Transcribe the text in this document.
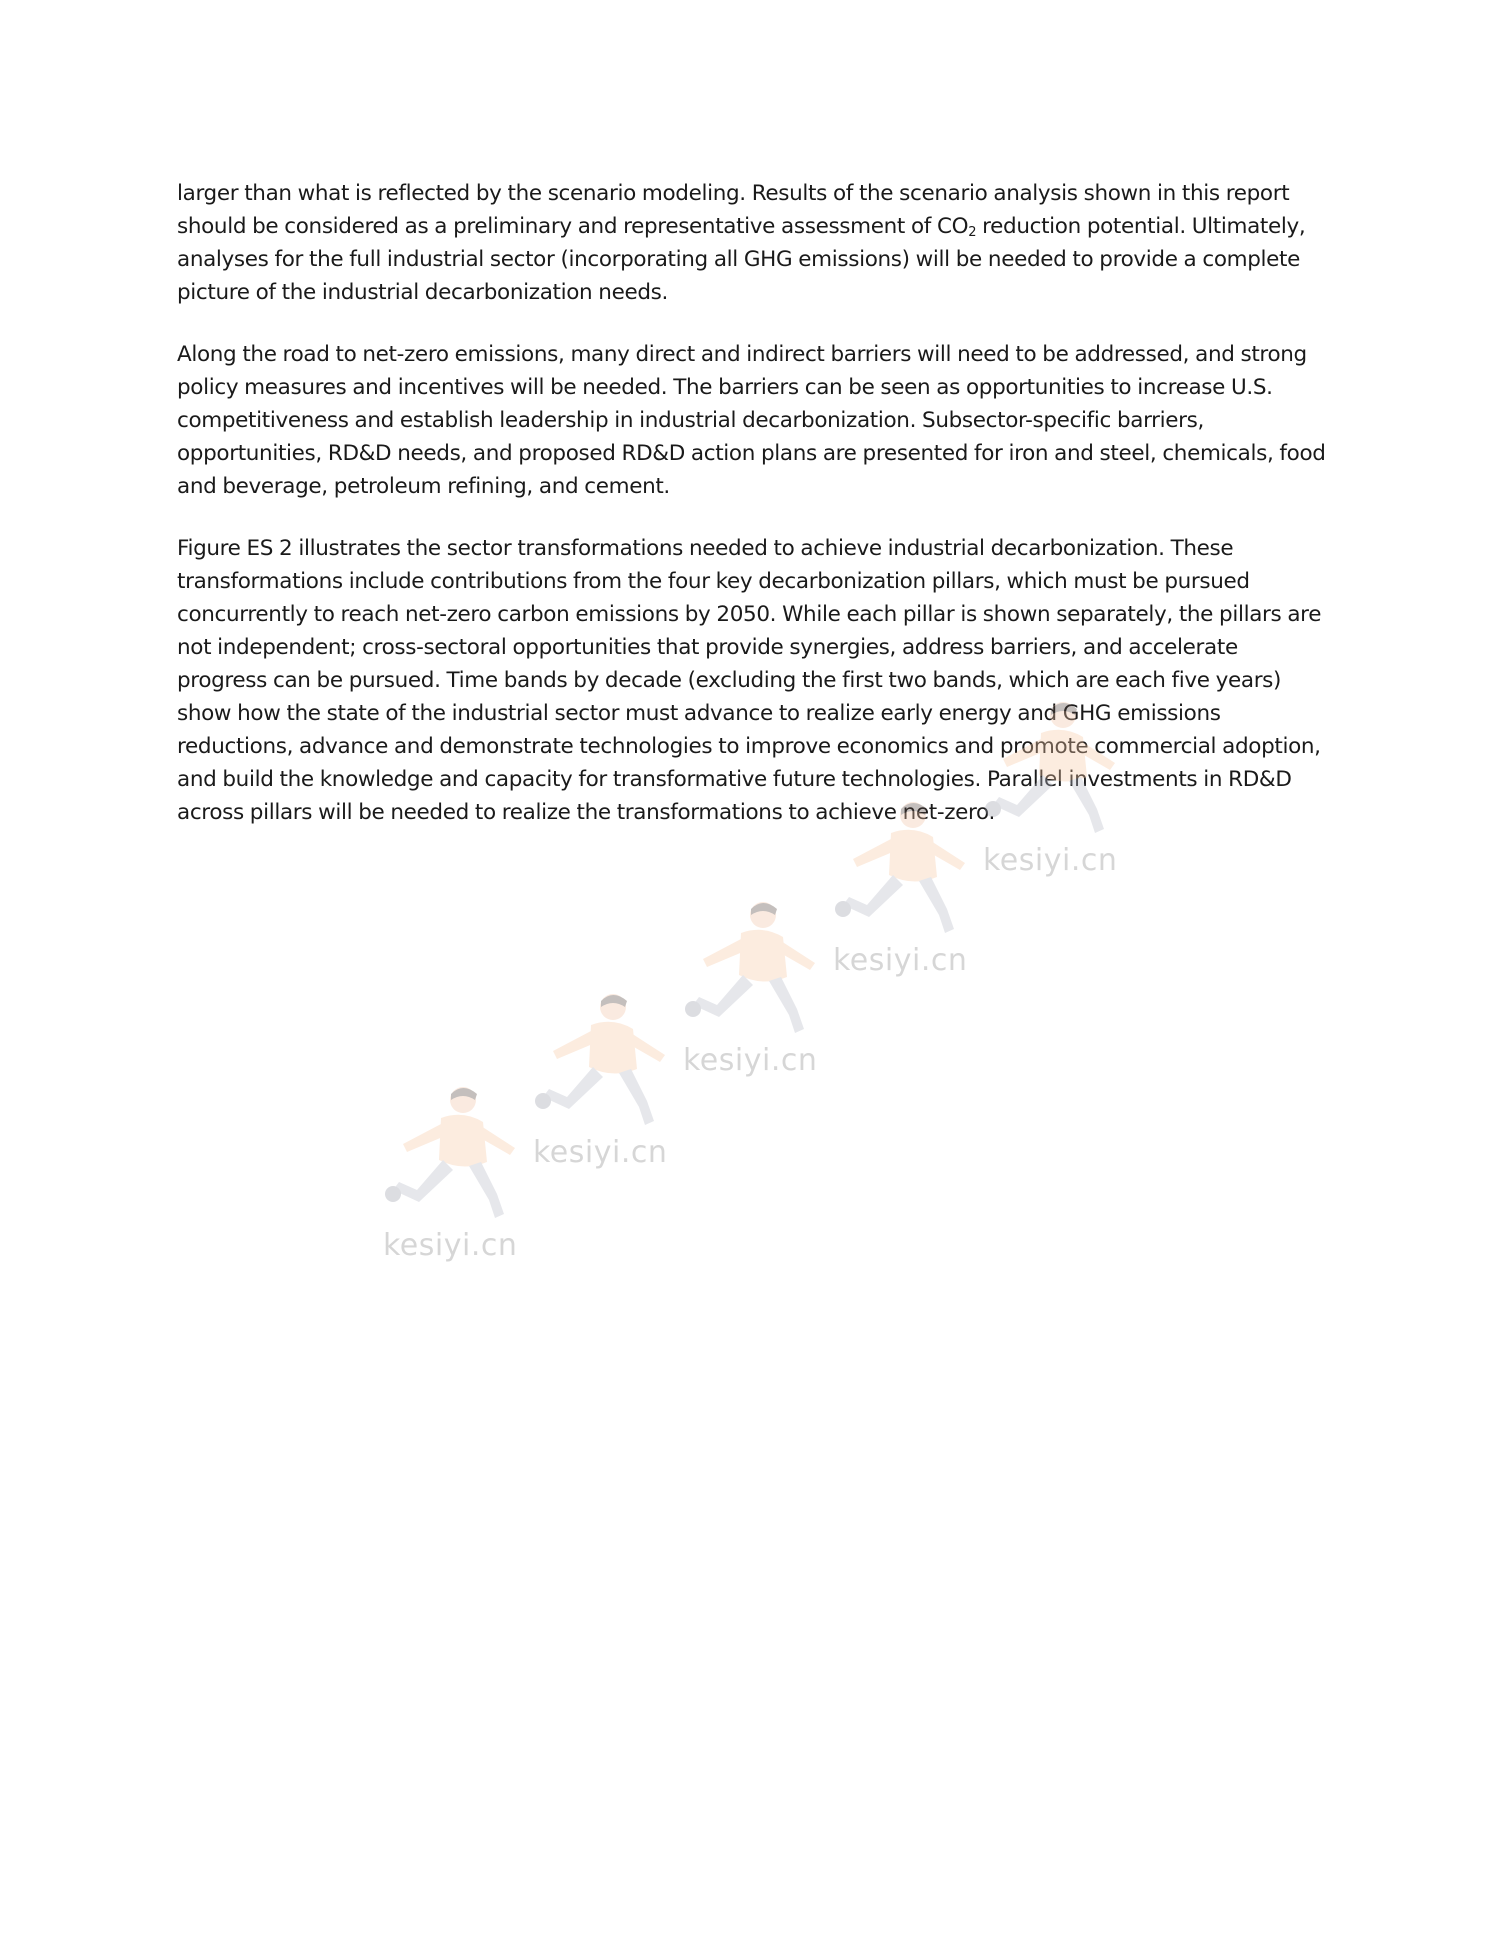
larger than what is reflected by the scenario modeling. Results of the scenario analysis shown in this report should be considered as a preliminary and representative assessment of $CO_2$ reduction potential. Ultimately, analyses for the full industrial sector (incorporating all GHG emissions) will be needed to provide a complete picture of the industrial decarbonization needs.

Along the road to net-zero emissions, many direct and indirect barriers will need to be addressed, and strong policy measures and incentives will be needed. The barriers can be seen as opportunities to increase U.S. competitiveness and establish leadership in industrial decarbonization. Subsector-specific barriers, opportunities, RD&D needs, and proposed RD&D action plans are presented for iron and steel, chemicals, food and beverage, petroleum refining, and cement.

Figure ES 2 illustrates the sector transformations needed to achieve industrial decarbonization. These transformations include contributions from the four key decarbonization pillars, which must be pursued concurrently to reach net-zero carbon emissions by 2050. While each pillar is shown separately, the pillars are not independent; cross-sectoral opportunities that provide synergies, address barriers, and accelerate progress can be pursued. Time bands by decade (excluding the first two bands, which are each five years) show how the state of the industrial sector must advance to realize early energy and GHG emissions reductions, advance and demonstrate technologies to improve economics and promote commercial adoption, and build the knowledge and capacity for transformative future technologies. Parallel investments in RD&D across pillars will be needed to realize the transformations to achieve net-zero.

kesiyi.cn
kesiyi.cn
kesiyi.cn
kesiyi.cn
kesiyi.cn
